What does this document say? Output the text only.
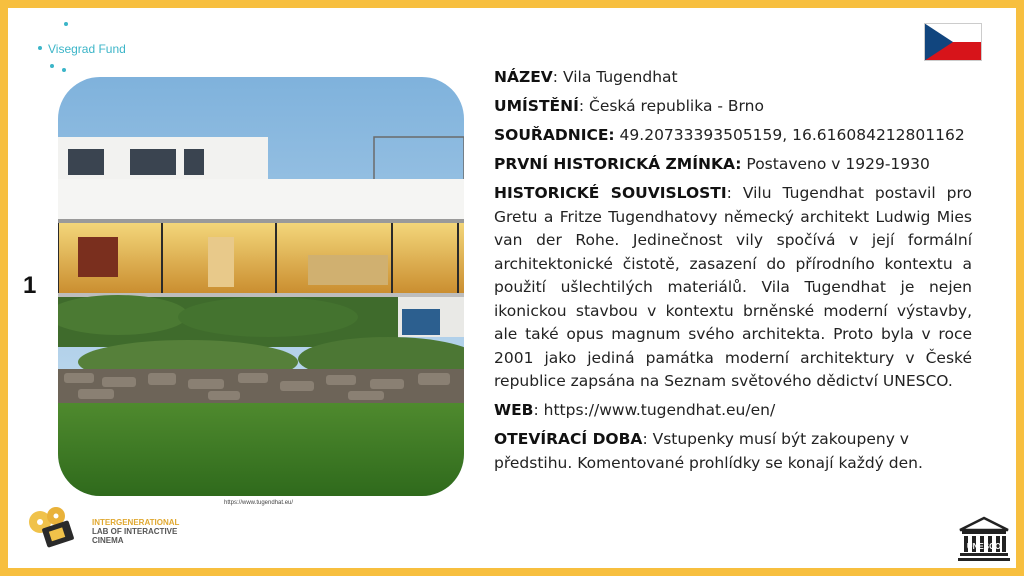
Visegrad Fund
1
https://www.tugendhat.eu/
INTERGENERATIONAL
LAB OF INTERACTIVE
CINEMA
UNESCO

NÁZEV: Vila Tugendhat

UMÍSTĚNÍ: Česká republika - Brno

SOUŘADNICE: 49.20733393505159, 16.616084212801162

PRVNÍ HISTORICKÁ ZMÍNKA: Postaveno v 1929-1930

HISTORICKÉ SOUVISLOSTI: Vilu Tugendhat postavil pro Gretu a Fritze Tugendhatovy německý architekt Ludwig Mies van der Rohe. Jedinečnost vily spočívá v její formální architektonické čistotě, zasazení do přírodního kontextu a použití ušlechtilých materiálů. Vila Tugendhat je nejen ikonickou stavbou v kontextu brněnské moderní výstavby, ale také opus magnum svého architekta. Proto byla v roce 2001 jako jediná památka moderní architektury v České republice zapsána na Seznam světového dědictví UNESCO.

WEB: https://www.tugendhat.eu/en/

OTEVÍRACÍ DOBA: Vstupenky musí být zakoupeny v předstihu. Komentované prohlídky se konají každý den.
